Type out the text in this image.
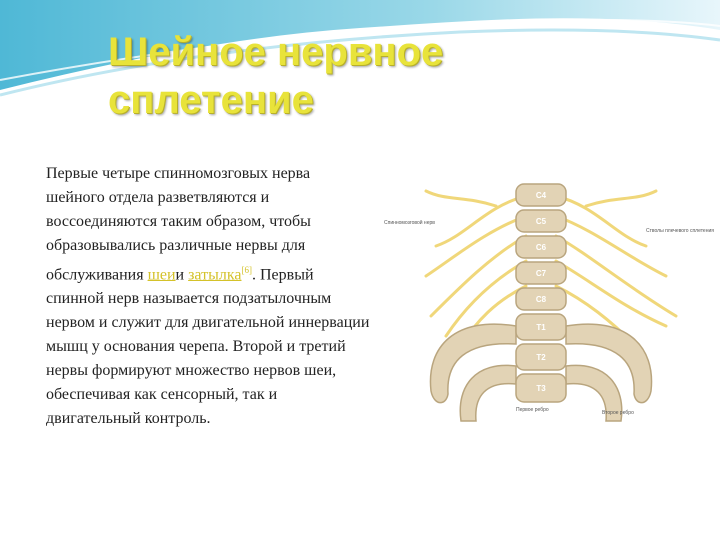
Шейное нервное
сплетение
Первые четыре спинномозговых нерва шейного отдела разветвляются и воссоединяются таким образом, чтобы образовывались различные нервы для обслуживания шеии затылка[6]. Первый спинной нерв называется подзатылочным нервом и служит для двигательной иннервации мышц у основания черепа. Второй и третий нервы формируют множество нервов шеи, обеспечивая как сенсорный, так и двигательный контроль.
C4
C5
C6
C7
C8
T1
T2
T3
Спинномозговой нерв
Стволы плечевого сплетения
Первое ребро	Второе ребро
